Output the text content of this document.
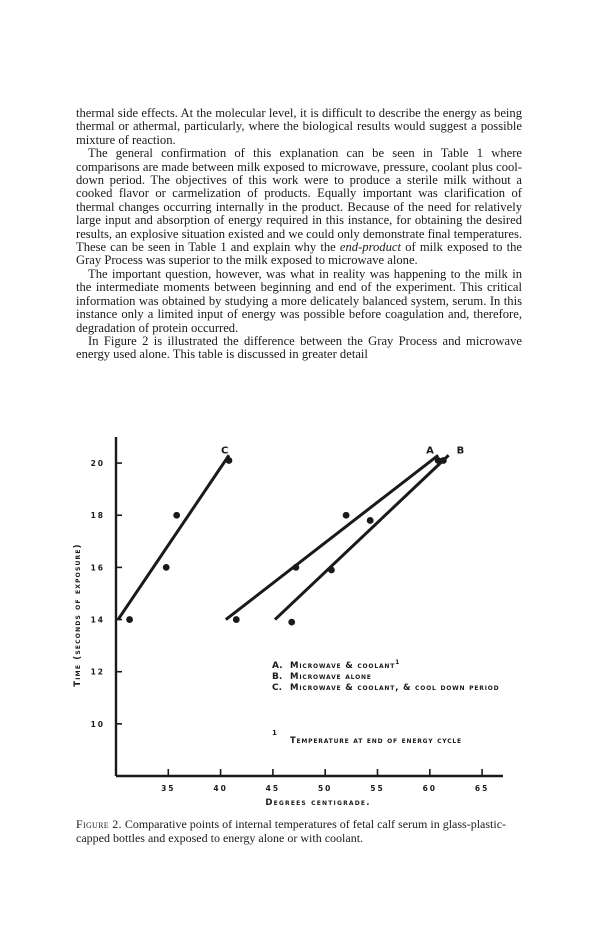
thermal side effects. At the molecular level, it is difficult to describe the energy as being thermal or athermal, particularly, where the biological results would suggest a possible mixture of reaction.

The general confirmation of this explanation can be seen in Table 1 where comparisons are made between milk exposed to microwave, pressure, coolant plus cool-down period. The objectives of this work were to produce a sterile milk without a cooked flavor or carmelization of products. Equally important was clarification of thermal changes occurring internally in the product. Because of the need for relatively large input and absorption of energy required in this instance, for obtaining the desired results, an explosive situation existed and we could only demonstrate final temperatures. These can be seen in Table 1 and explain why the end-product of milk exposed to the Gray Process was superior to the milk exposed to microwave alone.

The important question, however, was what in reality was happening to the milk in the intermediate moments between beginning and end of the experiment. This critical information was obtained by studying a more delicately balanced system, serum. In this instance only a limited input of energy was possible before coagulation and, therefore, degradation of protein occurred.

In Figure 2 is illustrated the difference between the Gray Process and microwave energy used alone. This table is discussed in greater detail

35	40	45	50	55	60	65
10
12
14
16
18
20
A B
C
A. Microwave & coolant$^1$
B. Microwave alone
C. Microwave & coolant, & cool down period
1
Temperature at end of energy cycle
Time (seconds of exposure)
Degrees centigrade.
Figure 2. Comparative points of internal temperatures of fetal calf serum in glass-plastic-capped bottles and exposed to energy alone or with coolant.
